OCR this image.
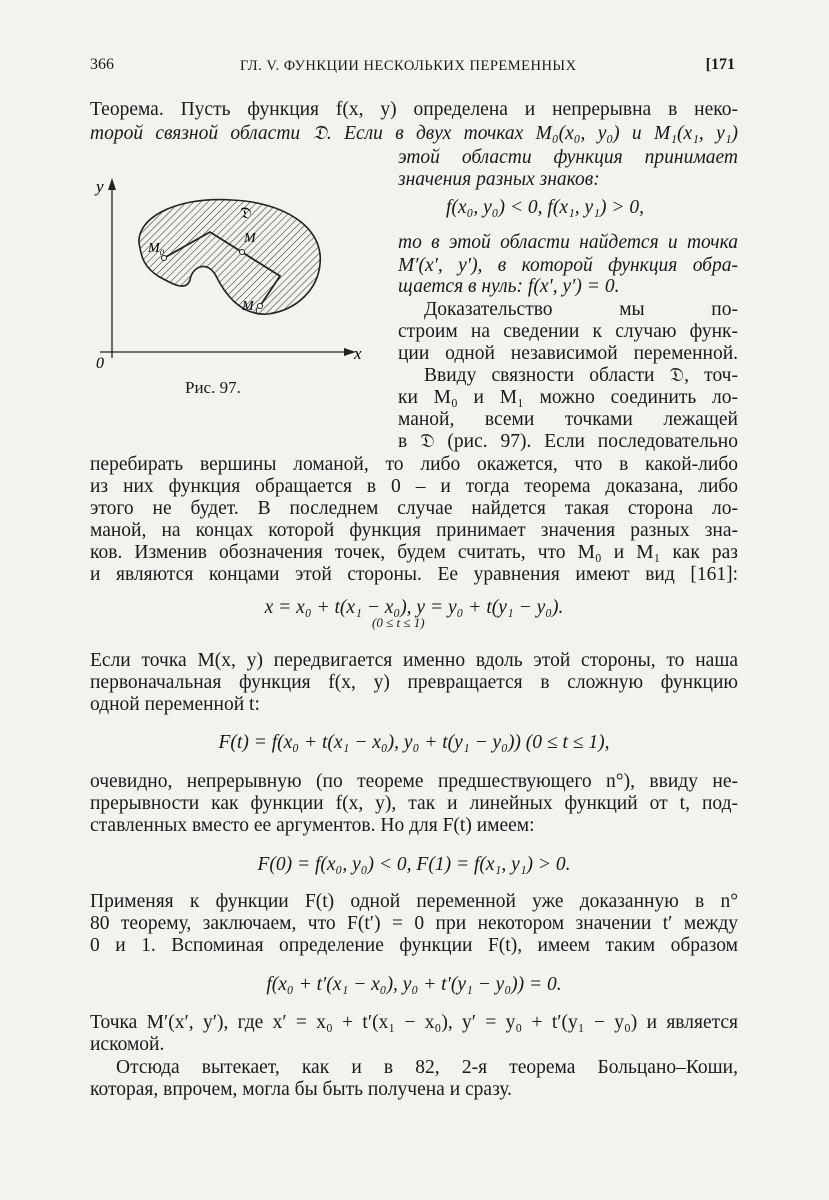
366	ГЛ. V. ФУНКЦИИ НЕСКОЛЬКИХ ПЕРЕМЕННЫХ	[171
y
x
0
𝔇
M₀
M
M₁
Рис. 97.
Теорема. Пусть функция f(x, y) определена и непрерывна в неко-
торой связной области 𝔇. Если в двух точках M₀(x₀, y₀) и M₁(x₁, y₁)
этой области функция принимает
значения разных знаков:
f(x₀, y₀) < 0, f(x₁, y₁) > 0,
то в этой области найдется и точка
M′(x′, y′), в которой функция обра-
щается в нуль: f(x′, y′) = 0.
Доказательство мы по-
строим на сведении к случаю функ-
ции одной независимой переменной.
Ввиду связности области 𝔇, точ-
ки M₀ и M₁ можно соединить ло-
маной, всеми точками лежащей
в 𝔇 (рис. 97). Если последовательно
перебирать вершины ломаной, то либо окажется, что в какой-либо
из них функция обращается в 0 – и тогда теорема доказана, либо
этого не будет. В последнем случае найдется такая сторона ло-
маной, на концах которой функция принимает значения разных зна-
ков. Изменив обозначения точек, будем считать, что M₀ и M₁ как раз
и являются концами этой стороны. Ее уравнения имеют вид [161]:
x = x₀ + t(x₁ − x₀), y = y₀ + t(y₁ − y₀).
(0 ≤ t ≤ 1)
Если точка M(x, y) передвигается именно вдоль этой стороны, то наша
первоначальная функция f(x, y) превращается в сложную функцию
одной переменной t:
F(t) = f(x₀ + t(x₁ − x₀), y₀ + t(y₁ − y₀)) (0 ≤ t ≤ 1),
очевидно, непрерывную (по теореме предшествующего n°), ввиду не-
прерывности как функции f(x, y), так и линейных функций от t, под-
ставленных вместо ее аргументов. Но для F(t) имеем:
F(0) = f(x₀, y₀) < 0, F(1) = f(x₁, y₁) > 0.
Применяя к функции F(t) одной переменной уже доказанную в n°
80 теорему, заключаем, что F(t′) = 0 при некотором значении t′ между
0 и 1. Вспоминая определение функции F(t), имеем таким образом
f(x₀ + t′(x₁ − x₀), y₀ + t′(y₁ − y₀)) = 0.
Точка M′(x′, y′), где x′ = x₀ + t′(x₁ − x₀), y′ = y₀ + t′(y₁ − y₀) и является
искомой.
Отсюда вытекает, как и в 82, 2-я теорема Больцано–Коши,
которая, впрочем, могла бы быть получена и сразу.
